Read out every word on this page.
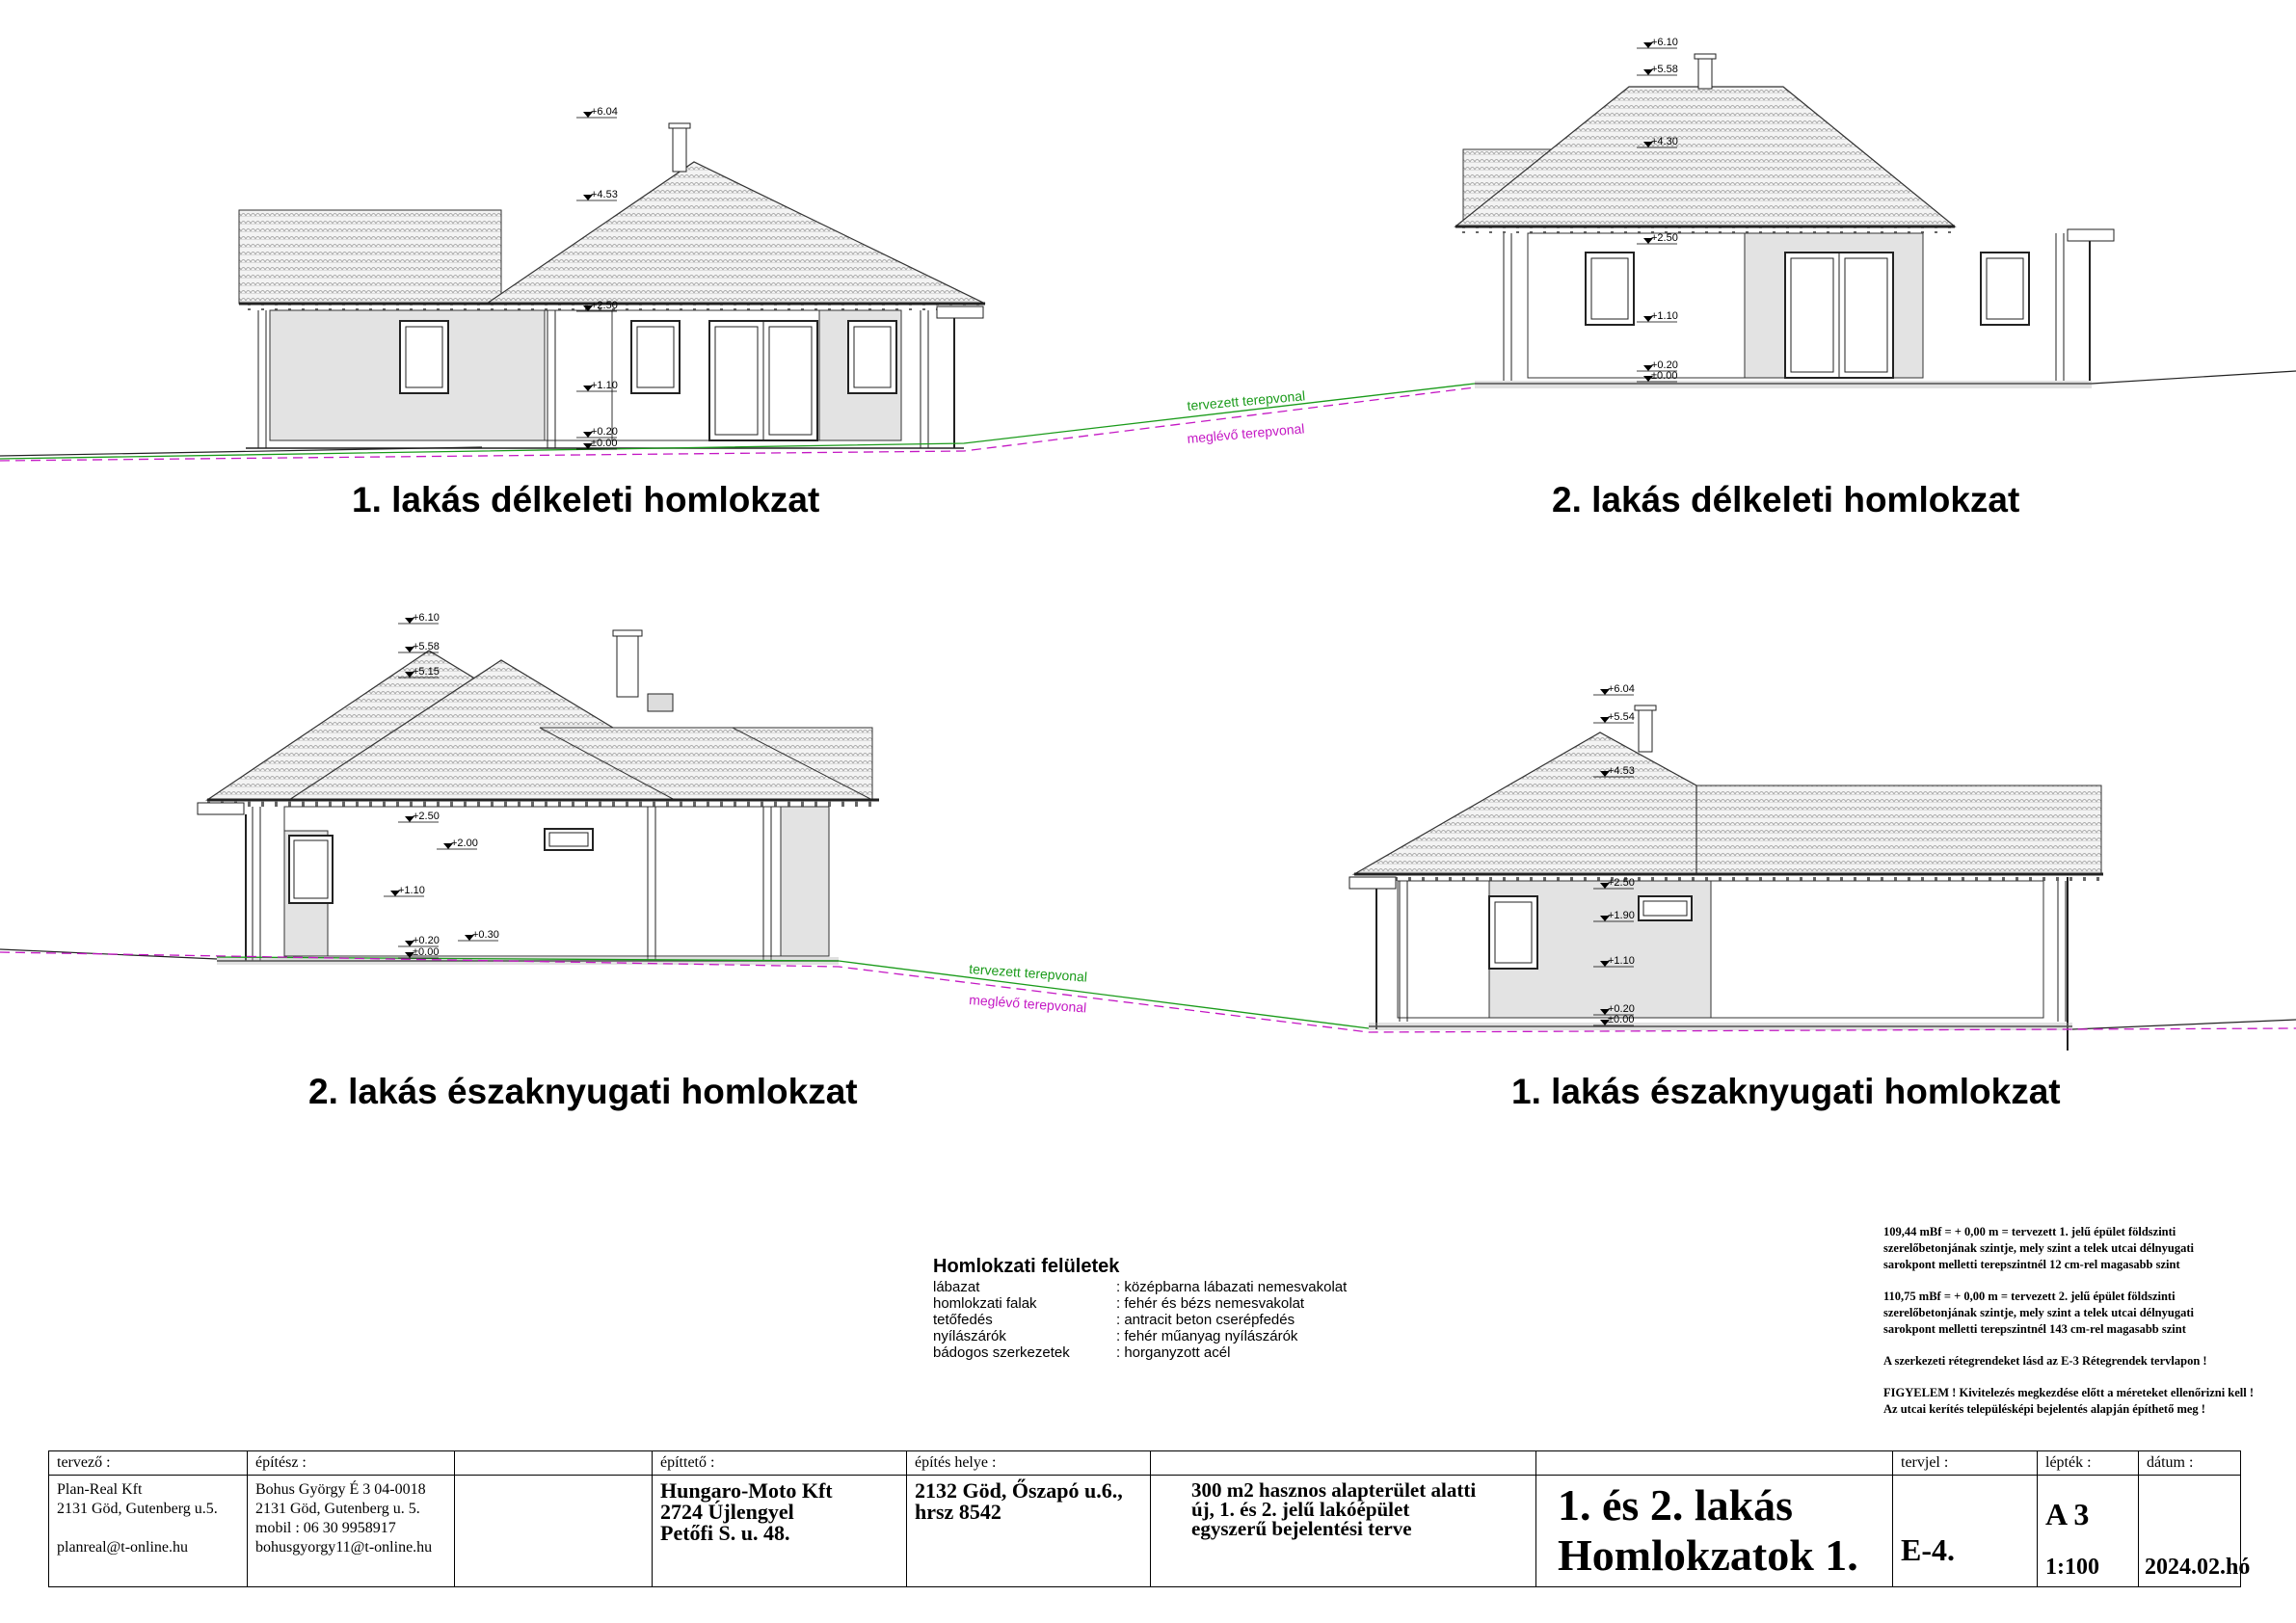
+6.04
+4.53
+2.50
+1.10
+0.20
±0.00
+6.10
+5.58
+4.30
+2.50
+1.10
+0.20
±0.00
+6.10
+5.58
+5.15
+2.50
+2.00
+1.10
+0.20
±0.00
+0.30
+6.04
+5.54
+4.53
+2.50
+1.90
+1.10
+0.20
±0.00
tervezett terepvonal
meglévő terepvonal
tervezett terepvonal
meglévő terepvonal
1. lakás délkeleti homlokzat	2. lakás délkeleti homlokzat
2. lakás északnyugati homlokzat	1. lakás északnyugati homlokzat
Homlokzati felületek
lábazat	: középbarna lábazati nemesvakolat
homlokzati falak	: fehér és bézs nemesvakolat
tetőfedés	: antracit beton cserépfedés
nyílászárók	: fehér műanyag nyílászárók
bádogos szerkezetek	: horganyzott acél

109,44 mBf = + 0,00 m = tervezett 1. jelű épület földszinti
szerelőbetonjának szintje, mely szint a telek utcai délnyugati
sarokpont melletti terepszintnél 12 cm-rel magasabb szint

110,75 mBf = + 0,00 m = tervezett 2. jelű épület földszinti
szerelőbetonjának szintje, mely szint a telek utcai délnyugati
sarokpont melletti terepszintnél 143 cm-rel magasabb szint

A szerkezeti rétegrendeket lásd az E-3 Rétegrendek tervlapon !

FIGYELEM ! Kivitelezés megkezdése előtt a méreteket ellenőrizni kell !
Az utcai kerítés településképi bejelentés alapján építhető meg !

tervező :
Plan-Real Kft
2131 Göd, Gutenberg u.5.

planreal@t-online.hu
építész :
Bohus György É 3 04-0018
2131 Göd, Gutenberg u. 5.
mobil : 06 30 9958917
bohusgyorgy11@t-online.hu
építtető :
Hungaro-Moto Kft
2724 Újlengyel
Petőfi S. u. 48.
építés helye :
2132 Göd, Őszapó u.6.,
hrsz 8542
300 m2 hasznos alapterület alatti
új, 1. és 2. jelű lakóépület
egyszerű bejelentési terve	1. és 2. lakás
Homlokzatok 1.
tervjel :
E-4.
lépték :
A 3
1:100
dátum :
2024.02.hó
